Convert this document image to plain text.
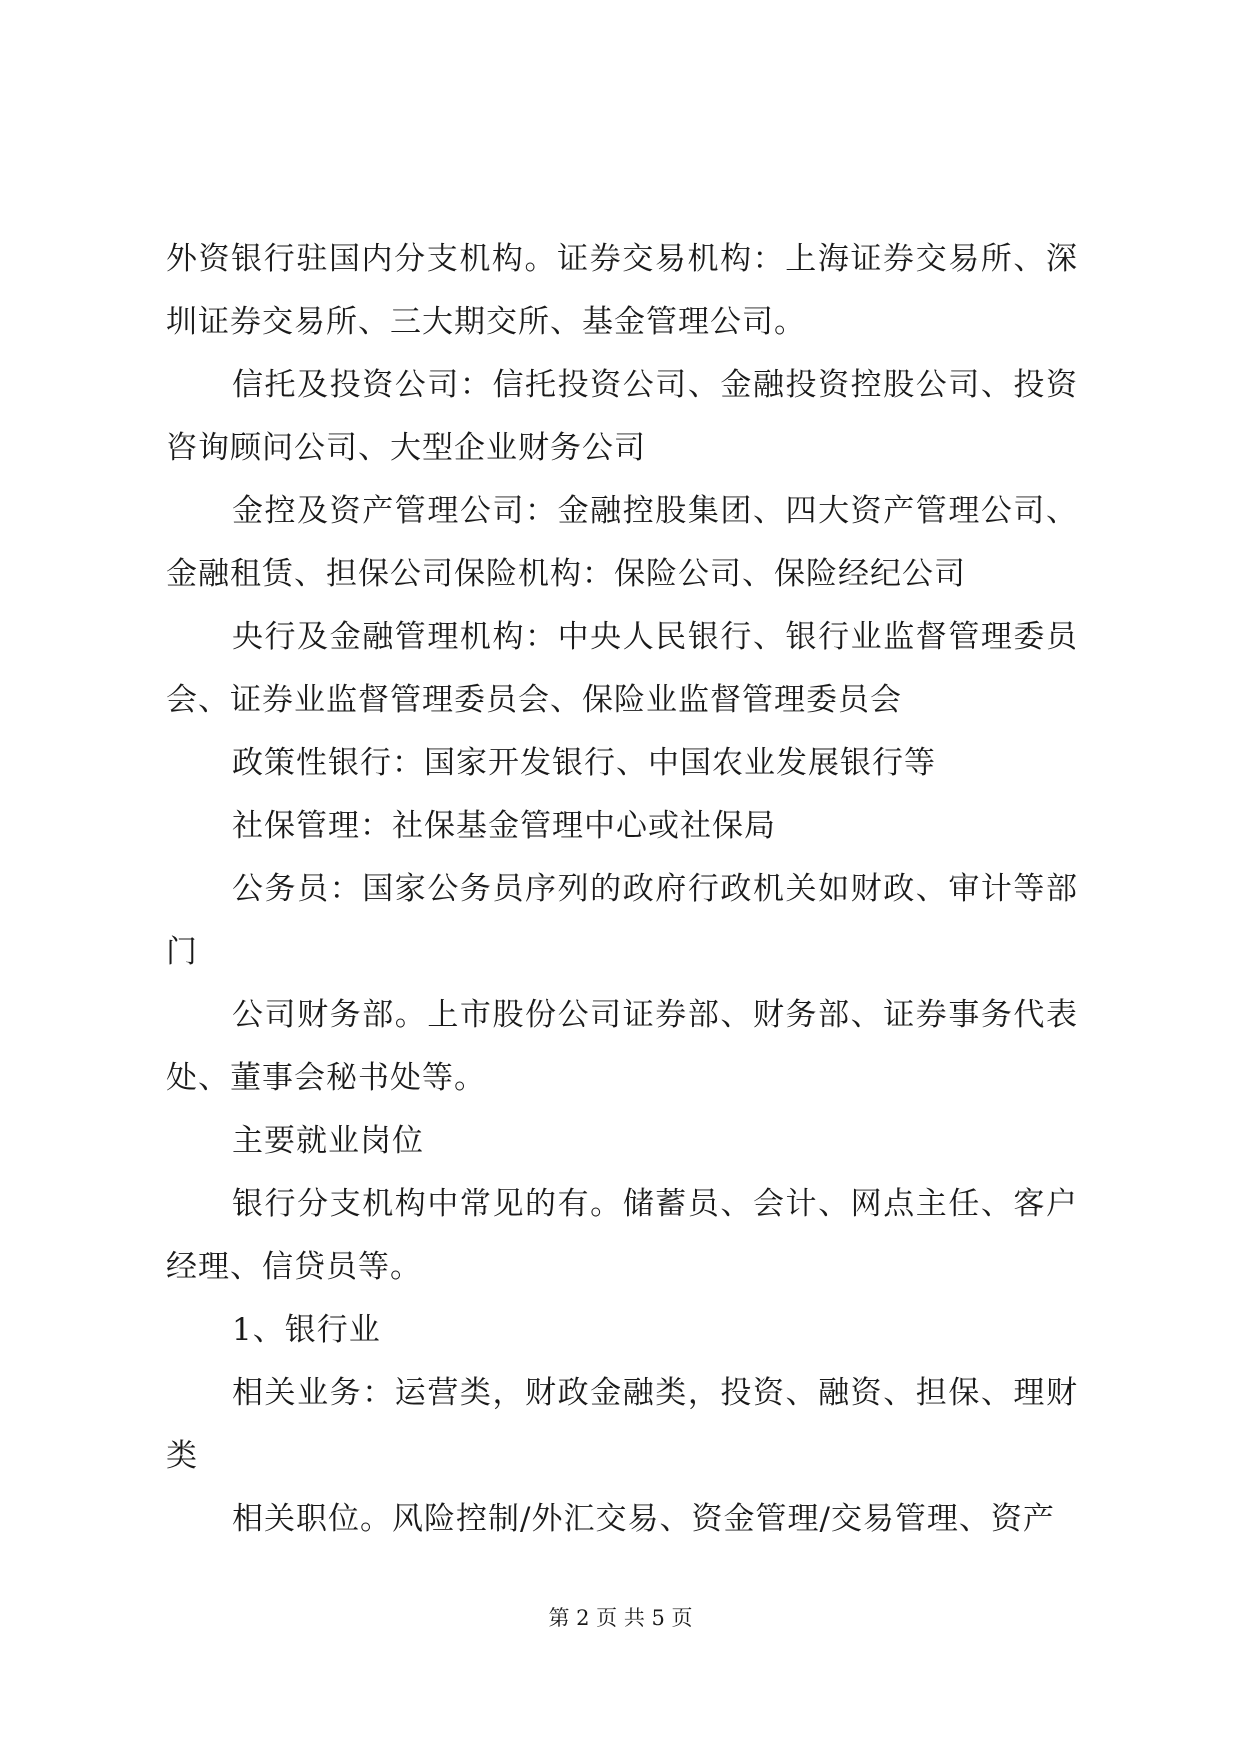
外资银行驻国内分支机构。证券交易机构：上海证券交易所、深圳证券交易所、三大期交所、基金管理公司。

信托及投资公司：信托投资公司、金融投资控股公司、投资咨询顾问公司、大型企业财务公司

金控及资产管理公司：金融控股集团、四大资产管理公司、金融租赁、担保公司保险机构：保险公司、保险经纪公司

央行及金融管理机构：中央人民银行、银行业监督管理委员会、证券业监督管理委员会、保险业监督管理委员会

政策性银行：国家开发银行、中国农业发展银行等

社保管理：社保基金管理中心或社保局

公务员：国家公务员序列的政府行政机关如财政、审计等部门

公司财务部。上市股份公司证券部、财务部、证券事务代表处、董事会秘书处等。

主要就业岗位

银行分支机构中常见的有。储蓄员、会计、网点主任、客户经理、信贷员等。

1、银行业

相关业务：运营类，财政金融类，投资、融资、担保、理财类

相关职位。风险控制/外汇交易、资金管理/交易管理、资产

第 2 页 共 5 页
